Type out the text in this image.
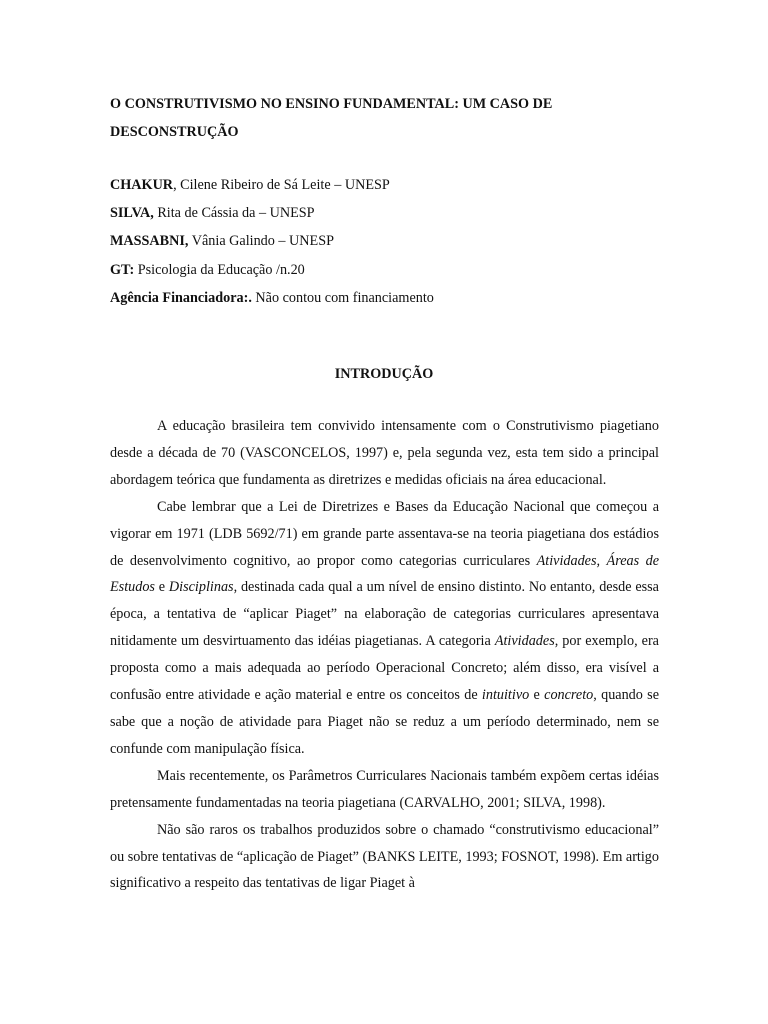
O CONSTRUTIVISMO NO ENSINO FUNDAMENTAL: UM CASO DE DESCONSTRUÇÃO
CHAKUR, Cilene Ribeiro de Sá Leite – UNESP
SILVA, Rita de Cássia da – UNESP
MASSABNI, Vânia Galindo – UNESP
GT: Psicologia da Educação /n.20
Agência Financiadora:. Não contou com financiamento
INTRODUÇÃO

A educação brasileira tem convivido intensamente com o Construtivismo piagetiano desde a década de 70 (VASCONCELOS, 1997) e, pela segunda vez, esta tem sido a principal abordagem teórica que fundamenta as diretrizes e medidas oficiais na área educacional.

Cabe lembrar que a Lei de Diretrizes e Bases da Educação Nacional que começou a vigorar em 1971 (LDB 5692/71) em grande parte assentava-se na teoria piagetiana dos estádios de desenvolvimento cognitivo, ao propor como categorias curriculares Atividades, Áreas de Estudos e Disciplinas, destinada cada qual a um nível de ensino distinto. No entanto, desde essa época, a tentativa de “aplicar Piaget” na elaboração de categorias curriculares apresentava nitidamente um desvirtuamento das idéias piagetianas. A categoria Atividades, por exemplo, era proposta como a mais adequada ao período Operacional Concreto; além disso, era visível a confusão entre atividade e ação material e entre os conceitos de intuitivo e concreto, quando se sabe que a noção de atividade para Piaget não se reduz a um período determinado, nem se confunde com manipulação física.

Mais recentemente, os Parâmetros Curriculares Nacionais também expõem certas idéias pretensamente fundamentadas na teoria piagetiana (CARVALHO, 2001; SILVA, 1998).

Não são raros os trabalhos produzidos sobre o chamado “construtivismo educacional” ou sobre tentativas de “aplicação de Piaget” (BANKS LEITE, 1993; FOSNOT, 1998). Em artigo significativo a respeito das tentativas de ligar Piaget à
